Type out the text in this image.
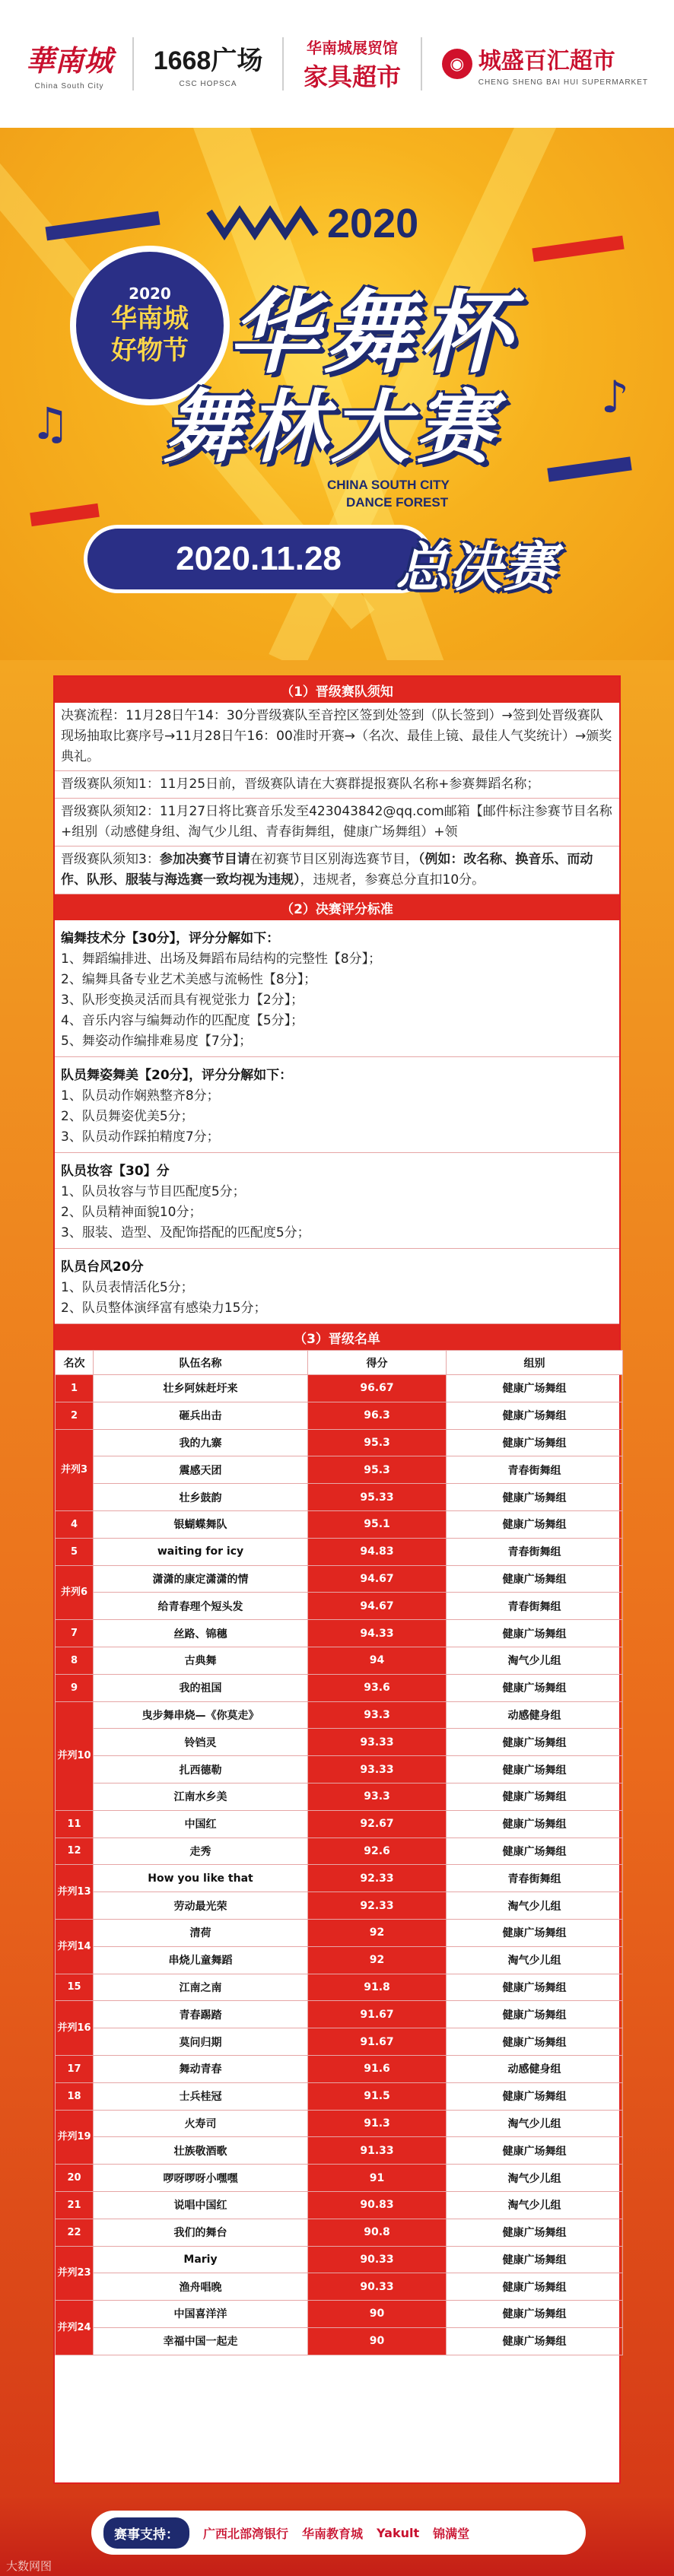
華南城
China South City
1668广场
CSC HOPSCA
华南城展贸馆
家具超市	◉ 城盛百汇超市
CHENG SHENG BAI HUI SUPERMARKET
2020
2020
华南城
好物节
♫
♪
华舞杯
舞林大赛
CHINA SOUTH CITY
DANCE FOREST
2020.11.28 总决赛
（1）晋级赛队须知
决赛流程：11月28日午14：30分晋级赛队至音控区签到处签到（队长签到）→签到处晋级赛队现场抽取比赛序号→11月28日午16：00准时开赛→（名次、最佳上镜、最佳人气奖统计）→颁奖典礼。
晋级赛队须知1：11月25日前，晋级赛队请在大赛群提报赛队名称+参赛舞蹈名称；
晋级赛队须知2：11月27日将比赛音乐发至423043842@qq.com邮箱【邮件标注参赛节目名称+组别（动感健身组、淘气少儿组、青春街舞组，健康广场舞组）+领
晋级赛队须知3：参加决赛节目请在初赛节目区别海选赛节目，（例如：改名称、换音乐、而动作、队形、服装与海选赛一致均视为违规），违规者，参赛总分直扣10分。
（2）决赛评分标准
编舞技术分【30分】，评分分解如下：
1、舞蹈编排进、出场及舞蹈布局结构的完整性【8分】；
2、编舞具备专业艺术美感与流畅性【8分】；
3、队形变换灵活而具有视觉张力【2分】；
4、音乐内容与编舞动作的匹配度【5分】；
5、舞姿动作编排难易度【7分】；
队员舞姿舞美【20分】，评分分解如下：
1、队员动作娴熟整齐8分；
2、队员舞姿优美5分；
3、队员动作踩拍精度7分；
队员妆容【30】分
1、队员妆容与节目匹配度5分；
2、队员精神面貌10分；
3、服装、造型、及配饰搭配的匹配度5分；
队员台风20分
1、队员表情活化5分；
2、队员整体演绎富有感染力15分；
（3）晋级名单
名次	队伍名称	得分	组别
1	壮乡阿妹赶圩来	96.67	健康广场舞组
2	砸兵出击	96.3	健康广场舞组
并列3	我的九寨	95.3	健康广场舞组
	震感天团	95.3	青春街舞组
	壮乡鼓韵	95.33	健康广场舞组
4	银蝴蝶舞队	95.1	健康广场舞组
5	waiting for icy	94.83	青春街舞组
并列6	潇潇的康定潇潇的情	94.67	健康广场舞组
	给青春理个短头发	94.67	青春街舞组
7	丝路、锦穗	94.33	健康广场舞组
8	古典舞	94	淘气少儿组
9	我的祖国	93.6	健康广场舞组
并列10	曳步舞串烧—《你莫走》	93.3	动感健身组
	铃铛灵	93.33	健康广场舞组
	扎西德勒	93.33	健康广场舞组
	江南水乡美	93.3	健康广场舞组
11	中国红	92.67	健康广场舞组
12	走秀	92.6	健康广场舞组
并列13	How you like that	92.33	青春街舞组
	劳动最光荣	92.33	淘气少儿组
并列14	清荷	92	健康广场舞组
	串烧儿童舞蹈	92	淘气少儿组
15	江南之南	91.8	健康广场舞组
并列16	青春踢踏	91.67	健康广场舞组
	莫问归期	91.67	健康广场舞组
17	舞动青春	91.6	动感健身组
18	士兵桂冠	91.5	健康广场舞组
并列19	火寿司	91.3	淘气少儿组
	壮族敬酒歌	91.33	健康广场舞组
20	啰呀啰呀小嘿嘿	91	淘气少儿组
21	说唱中国红	90.83	淘气少儿组
22	我们的舞台	90.8	健康广场舞组
并列23	Mariy	90.33	健康广场舞组
	渔舟唱晚	90.33	健康广场舞组
并列24	中国喜洋洋	90	健康广场舞组
	幸福中国一起走	90	健康广场舞组
赛事支持：	广西北部湾银行 华南教育城 Yakult 锦满堂
大数网图
